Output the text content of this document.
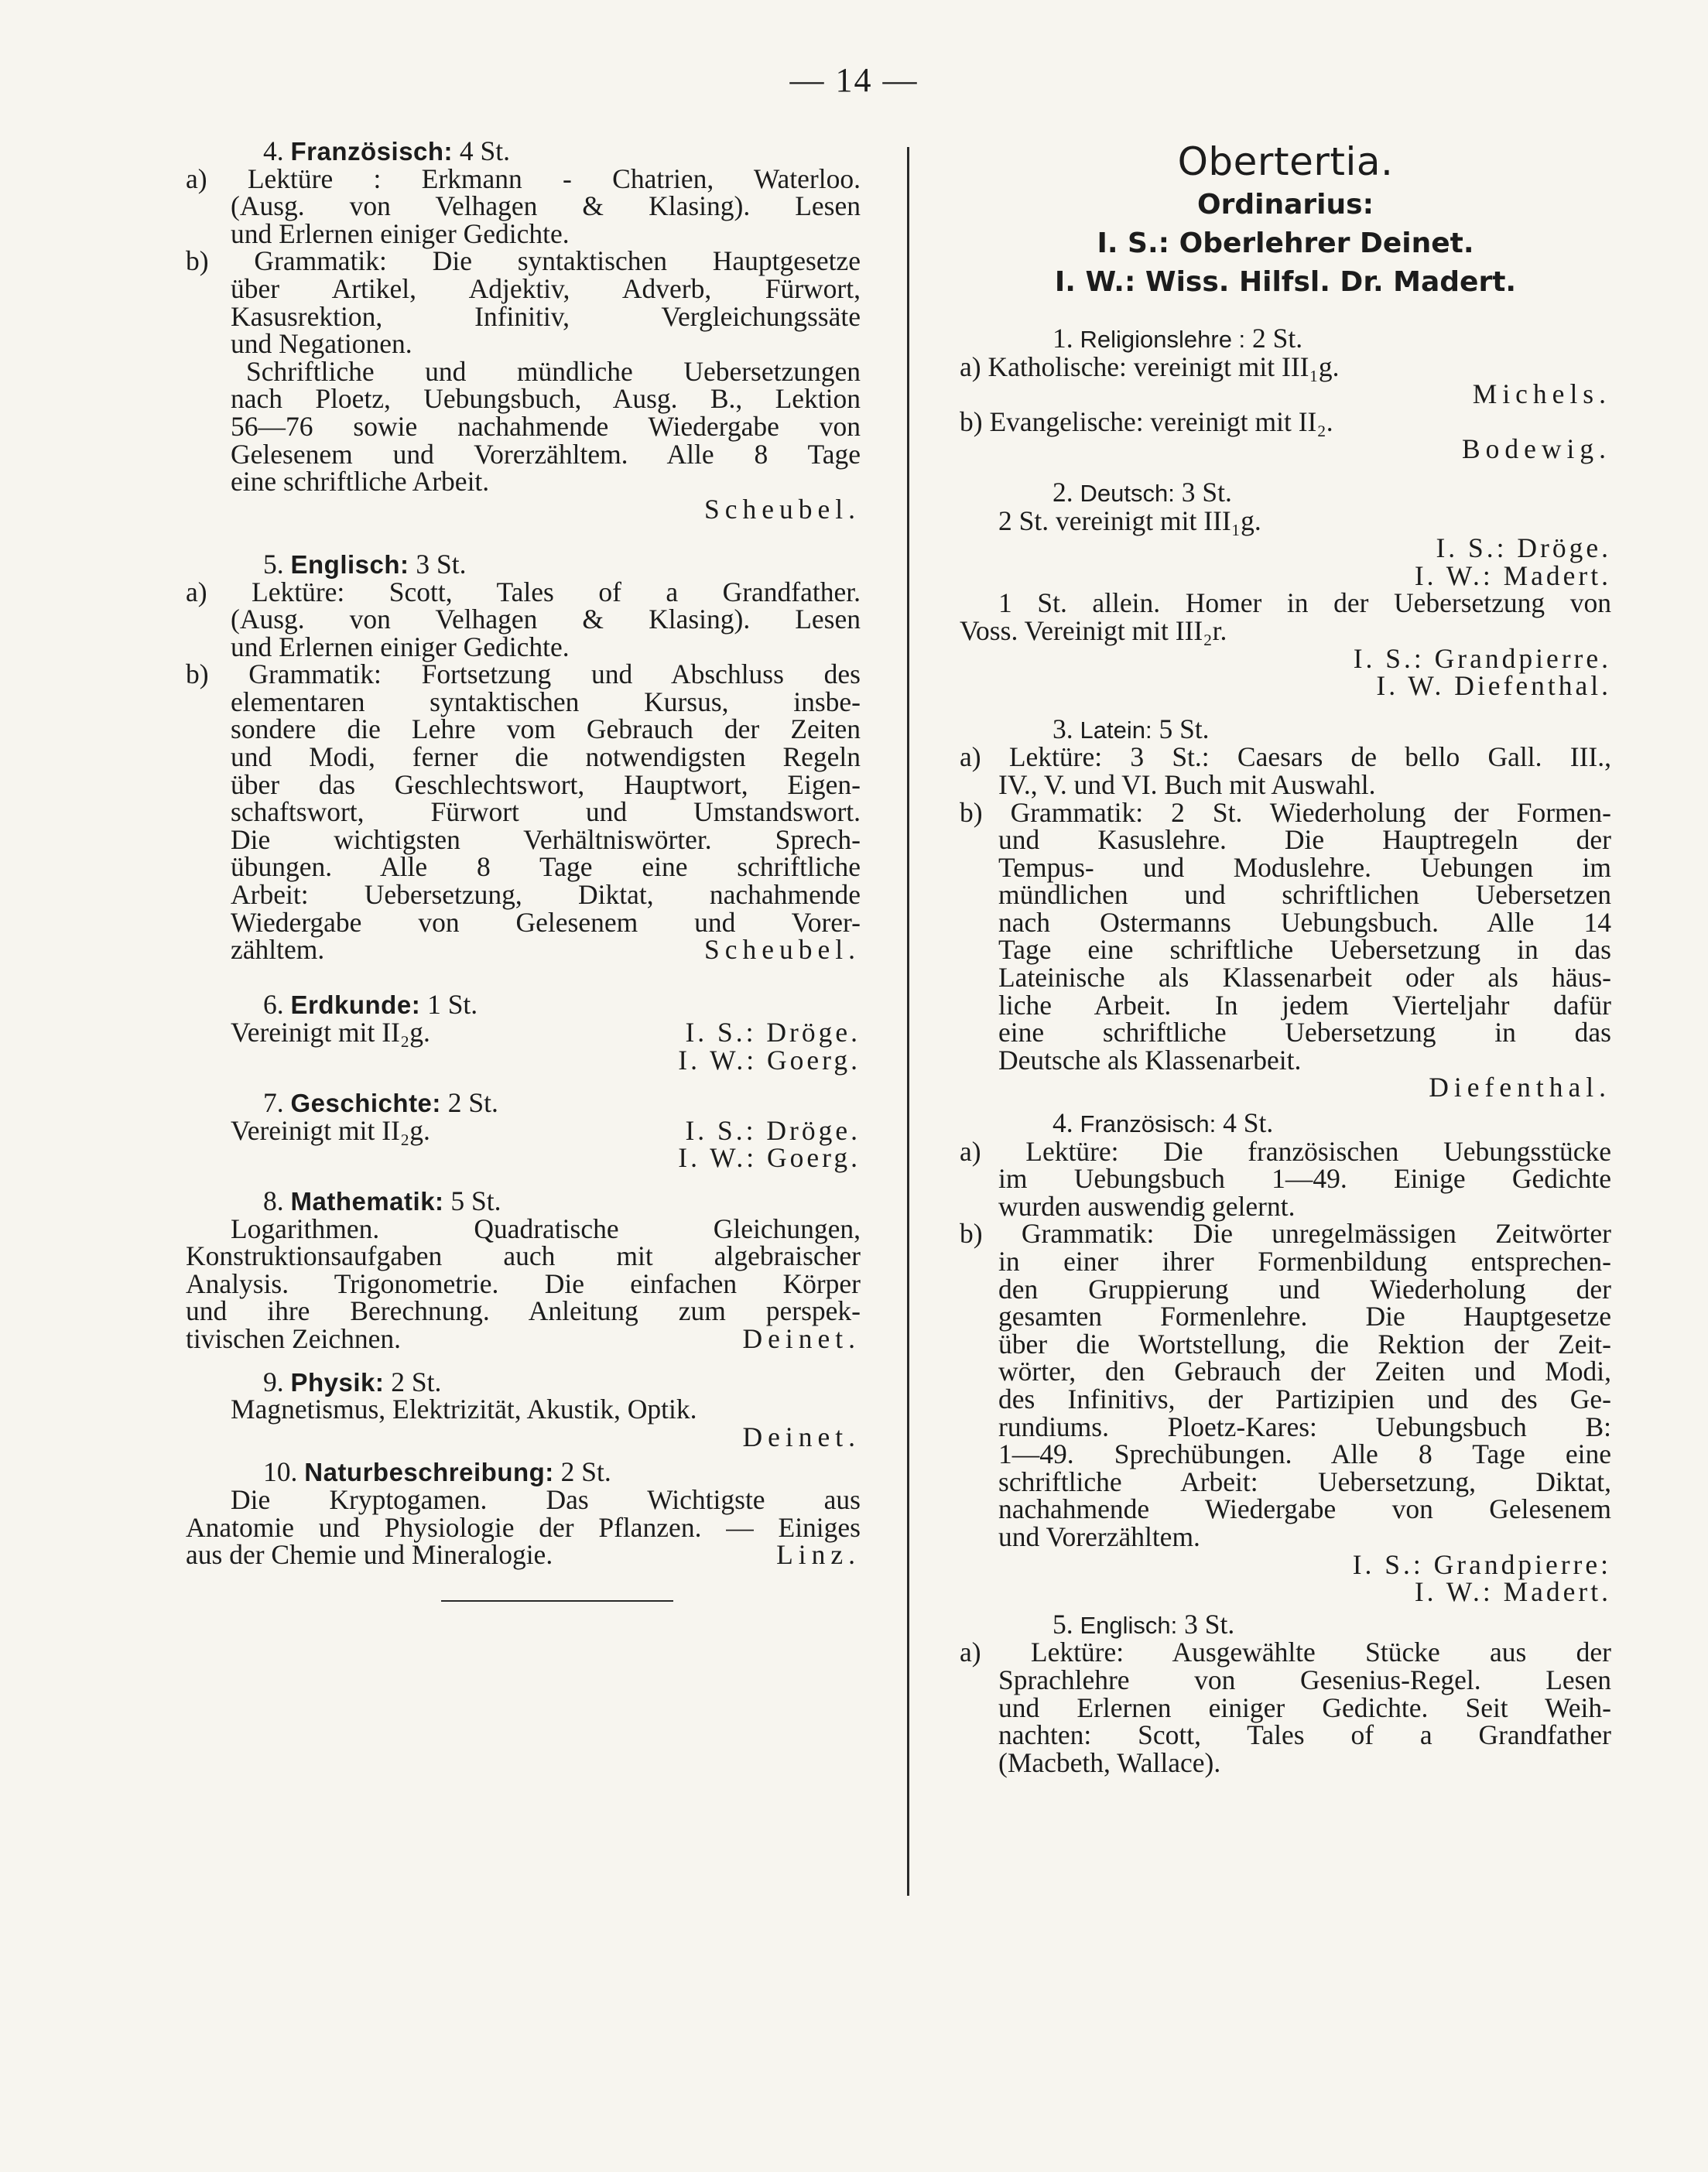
— 14 —
4. Französisch: 4 St.
a) Lektüre : Erkmann - Chatrien, Waterloo.
(Ausg. von Velhagen & Klasing). Lesen
und Erlernen einiger Gedichte.
b) Grammatik: Die syntaktischen Hauptgesetze
über Artikel, Adjektiv, Adverb, Fürwort,
Kasusrektion, Infinitiv, Vergleichungssäte
und Negationen.
Schriftliche und mündliche Uebersetzungen
nach Ploetz, Uebungsbuch, Ausg. B., Lektion
56—76 sowie nachahmende Wiedergabe von
Gelesenem und Vorerzähltem. Alle 8 Tage
eine schriftliche Arbeit.
Scheubel.
5. Englisch: 3 St.
a) Lektüre: Scott, Tales of a Grandfather.
(Ausg. von Velhagen & Klasing). Lesen
und Erlernen einiger Gedichte.
b) Grammatik: Fortsetzung und Abschluss des
elementaren syntaktischen Kursus, insbe-
sondere die Lehre vom Gebrauch der Zeiten
und Modi, ferner die notwendigsten Regeln
über das Geschlechtswort, Hauptwort, Eigen-
schaftswort, Fürwort und Umstandswort.
Die wichtigsten Verhältniswörter. Sprech-
übungen. Alle 8 Tage eine schriftliche
Arbeit: Uebersetzung, Diktat, nachahmende
Wiedergabe von Gelesenem und Vorer-
zähltem.	Scheubel.
6. Erdkunde: 1 St.
Vereinigt mit II₂g.	I. S.: Dröge.
I. W.: Goerg.
7. Geschichte: 2 St.
Vereinigt mit II₂g.	I. S.: Dröge.
I. W.: Goerg.
8. Mathematik: 5 St.
Logarithmen. Quadratische Gleichungen,
Konstruktionsaufgaben auch mit algebraischer
Analysis. Trigonometrie. Die einfachen Körper
und ihre Berechnung. Anleitung zum perspek-
tivischen Zeichnen.	Deinet.
9. Physik: 2 St.
Magnetismus, Elektrizität, Akustik, Optik.
Deinet.
10. Naturbeschreibung: 2 St.
Die Kryptogamen. Das Wichtigste aus
Anatomie und Physiologie der Pflanzen. — Einiges
aus der Chemie und Mineralogie.	Linz.
Obertertia.
Ordinarius:
I. S.: Oberlehrer Deinet.
I. W.: Wiss. Hilfsl. Dr. Madert.
1. Religionslehre : 2 St.
a) Katholische: vereinigt mit III₁g.
Michels.
b) Evangelische: vereinigt mit II₂.
Bodewig.
2. Deutsch: 3 St.
2 St. vereinigt mit III₁g.
I. S.: Dröge.
I. W.: Madert.
1 St. allein. Homer in der Uebersetzung von
Voss. Vereinigt mit III₂r.
I. S.: Grandpierre.
I. W. Diefenthal.
3. Latein: 5 St.
a) Lektüre: 3 St.: Caesars de bello Gall. III.,
IV., V. und VI. Buch mit Auswahl.
b) Grammatik: 2 St. Wiederholung der Formen-
und Kasuslehre. Die Hauptregeln der
Tempus- und Moduslehre. Uebungen im
mündlichen und schriftlichen Uebersetzen
nach Ostermanns Uebungsbuch. Alle 14
Tage eine schriftliche Uebersetzung in das
Lateinische als Klassenarbeit oder als häus-
liche Arbeit. In jedem Vierteljahr dafür
eine schriftliche Uebersetzung in das
Deutsche als Klassenarbeit.
Diefenthal.
4. Französisch: 4 St.
a) Lektüre: Die französischen Uebungsstücke
im Uebungsbuch 1—49. Einige Gedichte
wurden auswendig gelernt.
b) Grammatik: Die unregelmässigen Zeitwörter
in einer ihrer Formenbildung entsprechen-
den Gruppierung und Wiederholung der
gesamten Formenlehre. Die Hauptgesetze
über die Wortstellung, die Rektion der Zeit-
wörter, den Gebrauch der Zeiten und Modi,
des Infinitivs, der Partizipien und des Ge-
rundiums. Ploetz-Kares: Uebungsbuch B:
1—49. Sprechübungen. Alle 8 Tage eine
schriftliche Arbeit: Uebersetzung, Diktat,
nachahmende Wiedergabe von Gelesenem
und Vorerzähltem.
I. S.: Grandpierre:
I. W.: Madert.
5. Englisch: 3 St.
a) Lektüre: Ausgewählte Stücke aus der
Sprachlehre von Gesenius-Regel. Lesen
und Erlernen einiger Gedichte. Seit Weih-
nachten: Scott, Tales of a Grandfather
(Macbeth, Wallace).
